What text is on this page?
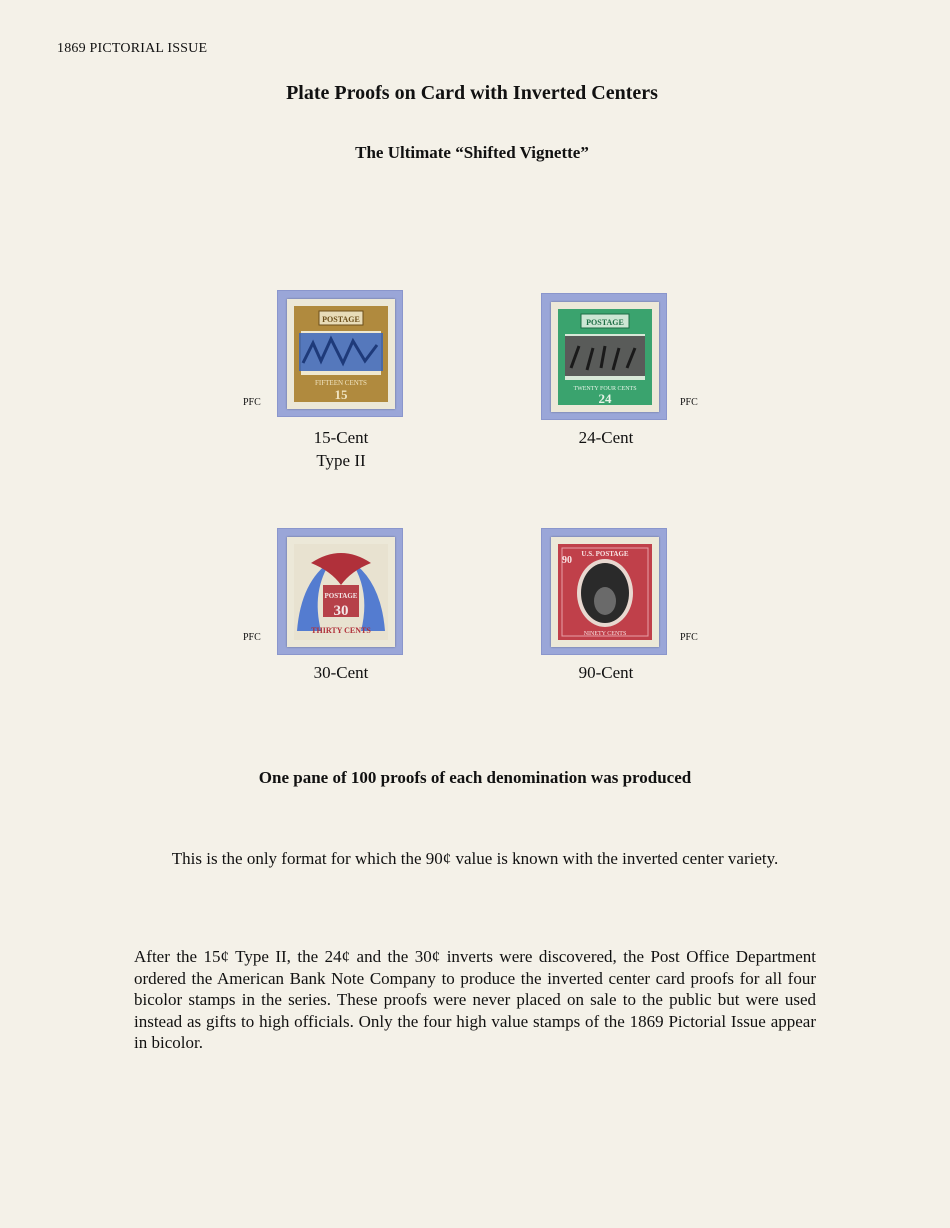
1869 PICTORIAL ISSUE
Plate Proofs on Card with Inverted Centers
The Ultimate “Shifted Vignette”
POSTAGE
FIFTEEN CENTS
15
PFC
15-Cent
Type II
POSTAGE
TWENTY FOUR CENTS
24	PFC
24-Cent
POSTAGE
30
THIRTY CENTS
PFC
30-Cent
U.S. POSTAGE
NINETY CENTS
90
PFC
90-Cent
One pane of 100 proofs of each denomination was produced
This is the only format for which the 90¢ value is known with the inverted center variety.
After the 15¢ Type II, the 24¢ and the 30¢ inverts were discovered, the Post Office Department ordered the American Bank Note Company to produce the inverted center card proofs for all four bicolor stamps in the series. These proofs were never placed on sale to the public but were used instead as gifts to high officials. Only the four high value stamps of the 1869 Pictorial Issue appear in bicolor.
